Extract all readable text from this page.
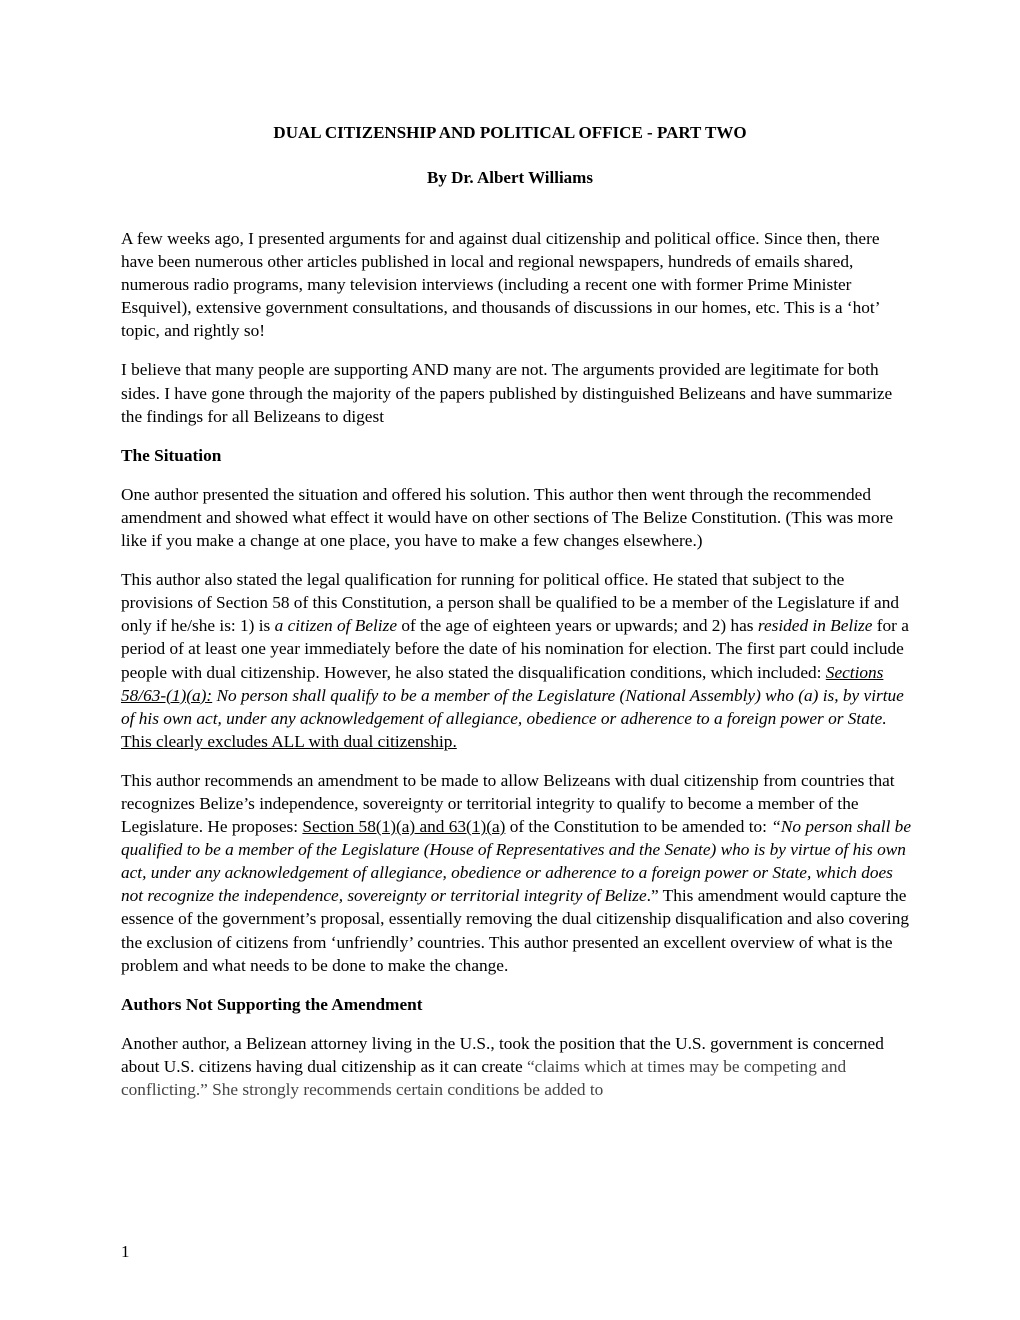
DUAL CITIZENSHIP AND POLITICAL OFFICE - PART TWO

By Dr. Albert Williams

A few weeks ago, I presented arguments for and against dual citizenship and political office. Since then, there have been numerous other articles published in local and regional newspapers, hundreds of emails shared, numerous radio programs, many television interviews (including a recent one with former Prime Minister Esquivel), extensive government consultations, and thousands of discussions in our homes, etc. This is a ‘hot’ topic, and rightly so!

I believe that many people are supporting AND many are not. The arguments provided are legitimate for both sides. I have gone through the majority of the papers published by distinguished Belizeans and have summarize the findings for all Belizeans to digest

The Situation

One author presented the situation and offered his solution. This author then went through the recommended amendment and showed what effect it would have on other sections of The Belize Constitution. (This was more like if you make a change at one place, you have to make a few changes elsewhere.)

This author also stated the legal qualification for running for political office. He stated that subject to the provisions of Section 58 of this Constitution, a person shall be qualified to be a member of the Legislature if and only if he/she is: 1) is a citizen of Belize of the age of eighteen years or upwards; and 2) has resided in Belize for a period of at least one year immediately before the date of his nomination for election. The first part could include people with dual citizenship. However, he also stated the disqualification conditions, which included: Sections 58/63-(1)(a): No person shall qualify to be a member of the Legislature (National Assembly) who (a) is, by virtue of his own act, under any acknowledgement of allegiance, obedience or adherence to a foreign power or State. This clearly excludes ALL with dual citizenship.

This author recommends an amendment to be made to allow Belizeans with dual citizenship from countries that recognizes Belize’s independence, sovereignty or territorial integrity to qualify to become a member of the Legislature. He proposes: Section 58(1)(a) and 63(1)(a) of the Constitution to be amended to: “No person shall be qualified to be a member of the Legislature (House of Representatives and the Senate) who is by virtue of his own act, under any acknowledgement of allegiance, obedience or adherence to a foreign power or State, which does not recognize the independence, sovereignty or territorial integrity of Belize.” This amendment would capture the essence of the government’s proposal, essentially removing the dual citizenship disqualification and also covering the exclusion of citizens from ‘unfriendly’ countries. This author presented an excellent overview of what is the problem and what needs to be done to make the change.

Authors Not Supporting the Amendment

Another author, a Belizean attorney living in the U.S., took the position that the U.S. government is concerned about U.S. citizens having dual citizenship as it can create “claims which at times may be competing and conflicting.” She strongly recommends certain conditions be added to

1
